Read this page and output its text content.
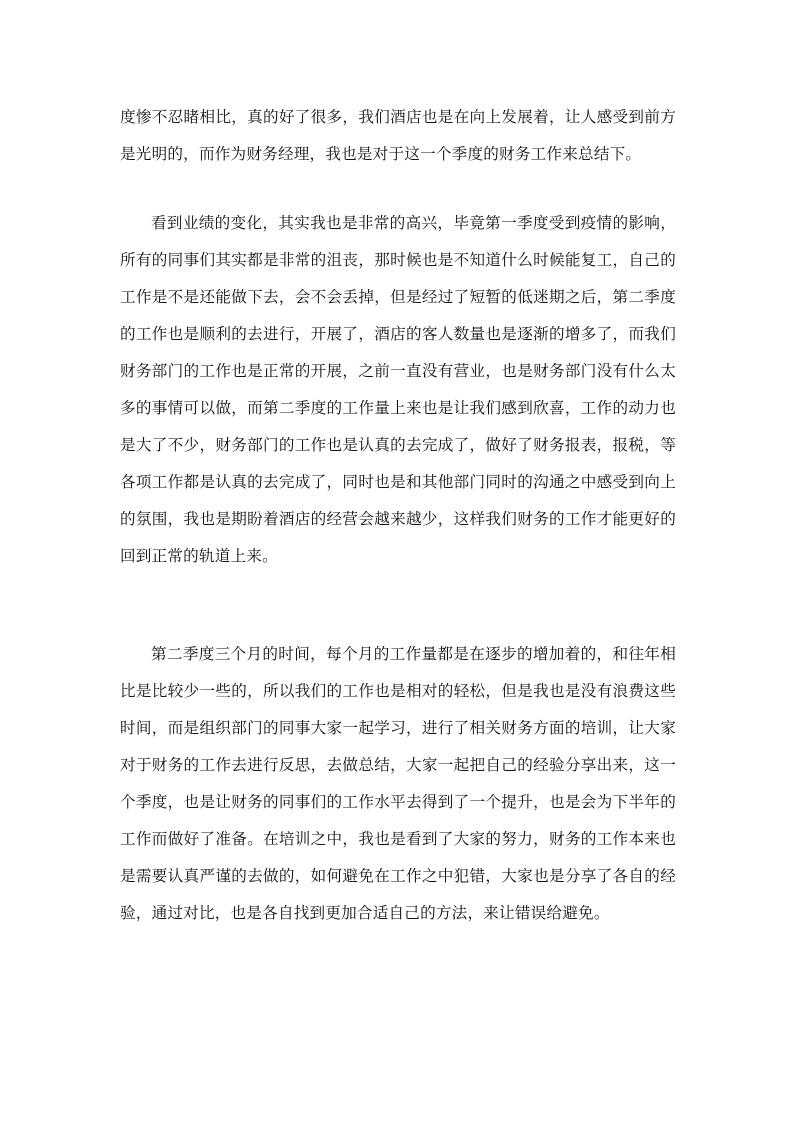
度惨不忍睹相比，真的好了很多，我们酒店也是在向上发展着，让人感受到前方是光明的，而作为财务经理，我也是对于这一个季度的财务工作来总结下。

看到业绩的变化，其实我也是非常的高兴，毕竟第一季度受到疫情的影响，所有的同事们其实都是非常的沮丧，那时候也是不知道什么时候能复工，自己的工作是不是还能做下去，会不会丢掉，但是经过了短暂的低迷期之后，第二季度的工作也是顺利的去进行，开展了，酒店的客人数量也是逐渐的增多了，而我们财务部门的工作也是正常的开展，之前一直没有营业，也是财务部门没有什么太多的事情可以做，而第二季度的工作量上来也是让我们感到欣喜，工作的动力也是大了不少，财务部门的工作也是认真的去完成了，做好了财务报表，报税，等各项工作都是认真的去完成了，同时也是和其他部门同时的沟通之中感受到向上的氛围，我也是期盼着酒店的经营会越来越少，这样我们财务的工作才能更好的回到正常的轨道上来。

第二季度三个月的时间，每个月的工作量都是在逐步的增加着的，和往年相比是比较少一些的，所以我们的工作也是相对的轻松，但是我也是没有浪费这些时间，而是组织部门的同事大家一起学习，进行了相关财务方面的培训，让大家对于财务的工作去进行反思，去做总结，大家一起把自己的经验分享出来，这一个季度，也是让财务的同事们的工作水平去得到了一个提升，也是会为下半年的工作而做好了准备。在培训之中，我也是看到了大家的努力，财务的工作本来也是需要认真严谨的去做的，如何避免在工作之中犯错，大家也是分享了各自的经验，通过对比，也是各自找到更加合适自己的方法，来让错误给避免。
